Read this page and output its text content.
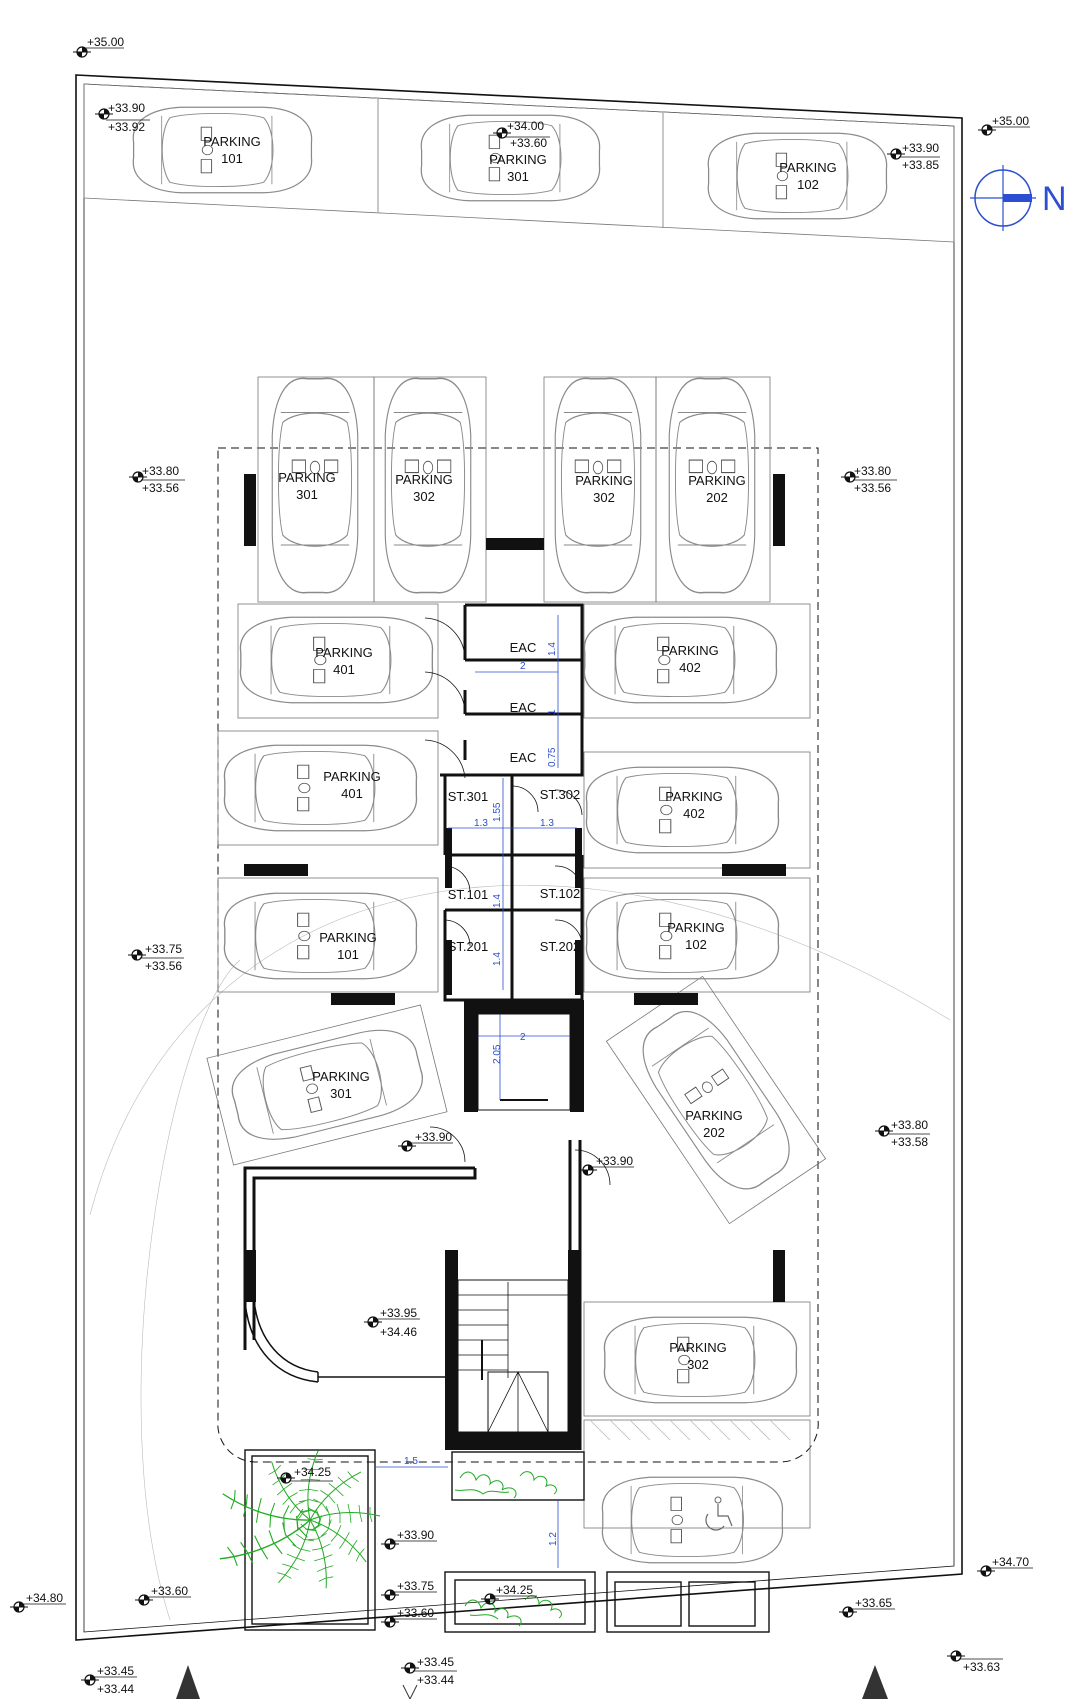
N
PARKING
101	PARKING
301
PARKING
102
PARKING
301
PARKING
302
PARKING
302
PARKING
202
PARKING
401
PARKING
402
PARKING
401	PARKING
402
PARKING
101
PARKING
102
PARKING
301
PARKING
202
PARKING
302
EAC
EAC
EAC
ST.301	ST.302
ST.101	ST.102
ST.201	ST.202
2
1.4
1
0.75
1.55
1.3	1.3
1.4
1.4
2
2.05
1.5
1.2
+35.00
+33.90
+33.92	+34.00
+33.60
+35.00
+33.90
+33.85
+33.80
+33.56
+33.80
+33.56
+33.75
+33.56
+33.80
+33.58
+33.90
+33.90
+33.95
+34.46
+34.25
+33.90
+34.70
+34.80	+33.60	+33.75	+34.25
+33.60
+33.65
+33.45
+33.44
+33.45
+33.44
+33.63
